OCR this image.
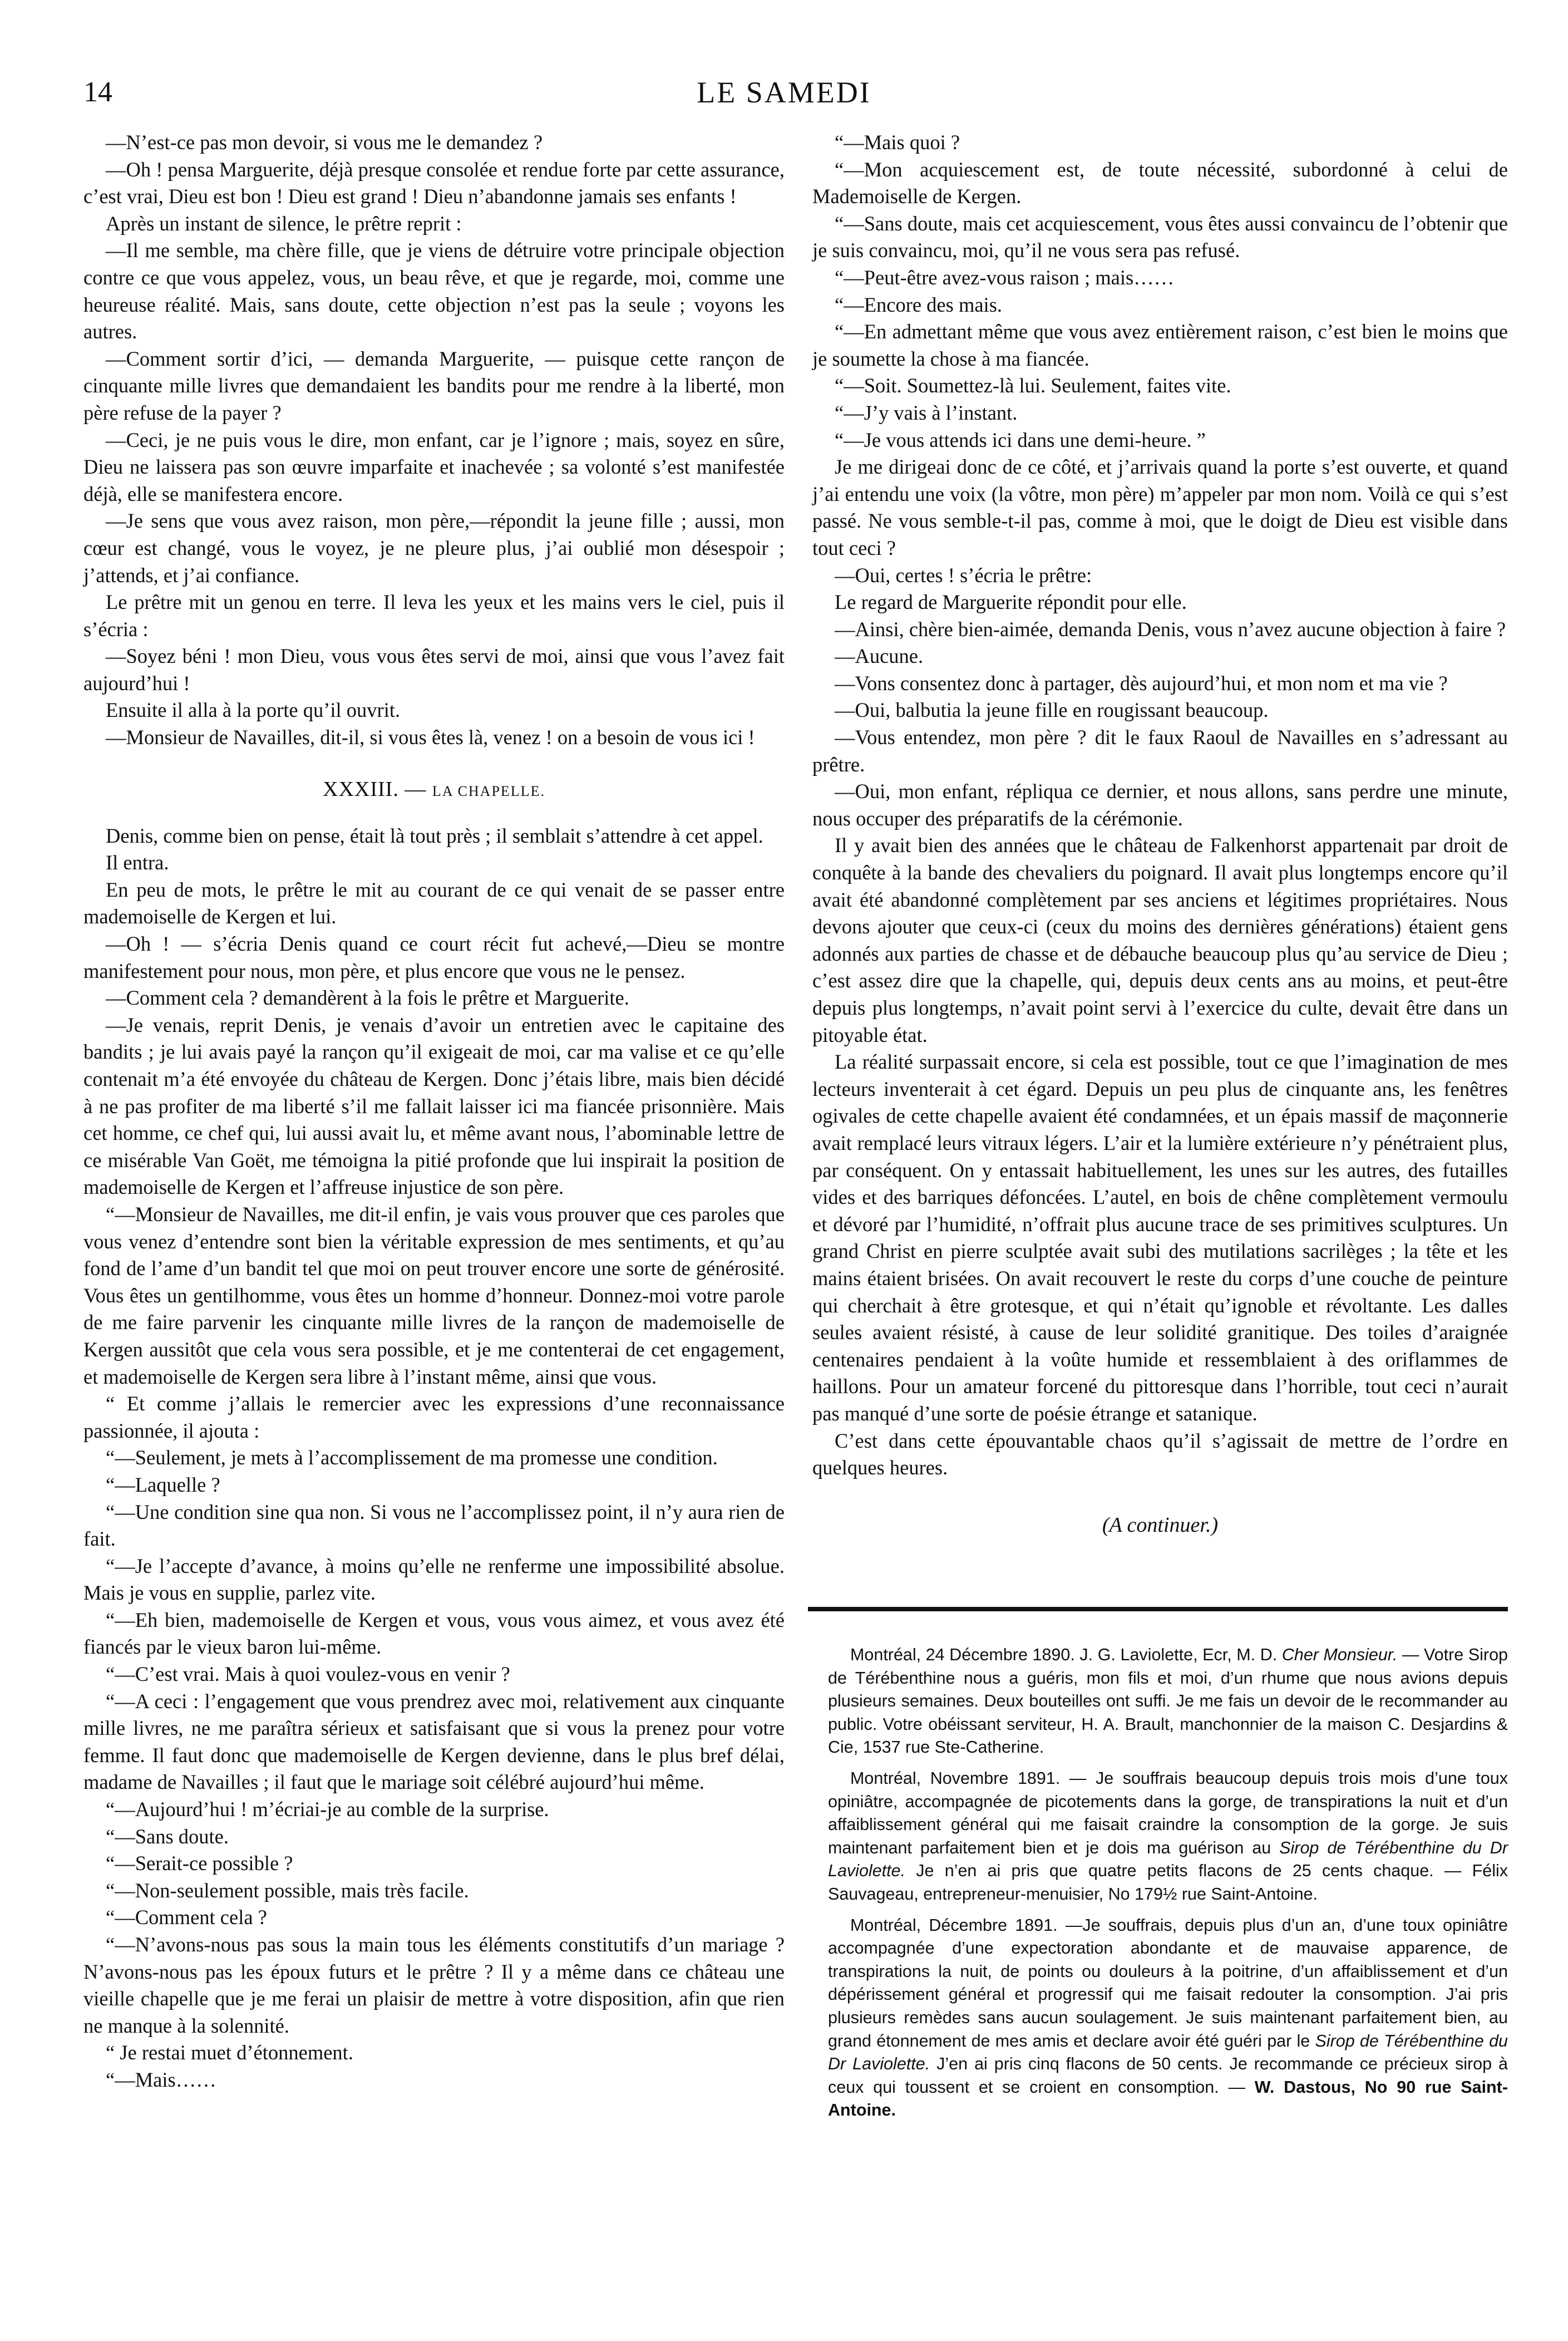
14	LE SAMEDI

—N’est-ce pas mon devoir, si vous me le demandez ?

—Oh ! pensa Marguerite, déjà presque consolée et rendue forte par cette assurance, c’est vrai, Dieu est bon ! Dieu est grand ! Dieu n’abandonne jamais ses enfants !

Après un instant de silence, le prêtre reprit :

—Il me semble, ma chère fille, que je viens de détruire votre principale objection contre ce que vous appelez, vous, un beau rêve, et que je regarde, moi, comme une heureuse réalité. Mais, sans doute, cette objection n’est pas la seule ; voyons les autres.

—Comment sortir d’ici, — demanda Marguerite, — puisque cette rançon de cinquante mille livres que demandaient les bandits pour me rendre à la liberté, mon père refuse de la payer ?

—Ceci, je ne puis vous le dire, mon enfant, car je l’ignore ; mais, soyez en sûre, Dieu ne laissera pas son œuvre imparfaite et inachevée ; sa volonté s’est manifestée déjà, elle se manifestera encore.

—Je sens que vous avez raison, mon père,—répondit la jeune fille ; aussi, mon cœur est changé, vous le voyez, je ne pleure plus, j’ai oublié mon désespoir ; j’attends, et j’ai confiance.

Le prêtre mit un genou en terre. Il leva les yeux et les mains vers le ciel, puis il s’écria :

—Soyez béni ! mon Dieu, vous vous êtes servi de moi, ainsi que vous l’avez fait aujourd’hui !

Ensuite il alla à la porte qu’il ouvrit.

—Monsieur de Navailles, dit-il, si vous êtes là, venez ! on a besoin de vous ici !

XXXIII. — LA CHAPELLE.

Denis, comme bien on pense, était là tout près ; il semblait s’attendre à cet appel.

Il entra.

En peu de mots, le prêtre le mit au courant de ce qui venait de se passer entre mademoiselle de Kergen et lui.

—Oh ! — s’écria Denis quand ce court récit fut achevé,—Dieu se montre manifestement pour nous, mon père, et plus encore que vous ne le pensez.

—Comment cela ? demandèrent à la fois le prêtre et Marguerite.

—Je venais, reprit Denis, je venais d’avoir un entretien avec le capitaine des bandits ; je lui avais payé la rançon qu’il exigeait de moi, car ma valise et ce qu’elle contenait m’a été envoyée du château de Kergen. Donc j’étais libre, mais bien décidé à ne pas profiter de ma liberté s’il me fallait laisser ici ma fiancée prisonnière. Mais cet homme, ce chef qui, lui aussi avait lu, et même avant nous, l’abominable lettre de ce misérable Van Goët, me témoigna la pitié profonde que lui inspirait la position de mademoiselle de Kergen et l’affreuse injustice de son père.

“—Monsieur de Navailles, me dit-il enfin, je vais vous prouver que ces paroles que vous venez d’entendre sont bien la véritable expression de mes sentiments, et qu’au fond de l’ame d’un bandit tel que moi on peut trouver encore une sorte de générosité. Vous êtes un gentilhomme, vous êtes un homme d’honneur. Donnez-moi votre parole de me faire parvenir les cinquante mille livres de la rançon de mademoiselle de Kergen aussitôt que cela vous sera possible, et je me contenterai de cet engagement, et mademoiselle de Kergen sera libre à l’instant même, ainsi que vous.

“ Et comme j’allais le remercier avec les expressions d’une reconnaissance passionnée, il ajouta :

“—Seulement, je mets à l’accomplissement de ma promesse une condition.

“—Laquelle ?

“—Une condition sine qua non. Si vous ne l’accomplissez point, il n’y aura rien de fait.

“—Je l’accepte d’avance, à moins qu’elle ne renferme une impossibilité absolue. Mais je vous en supplie, parlez vite.

“—Eh bien, mademoiselle de Kergen et vous, vous vous aimez, et vous avez été fiancés par le vieux baron lui-même.

“—C’est vrai. Mais à quoi voulez-vous en venir ?

“—A ceci : l’engagement que vous prendrez avec moi, relativement aux cinquante mille livres, ne me paraîtra sérieux et satisfaisant que si vous la prenez pour votre femme. Il faut donc que mademoiselle de Kergen devienne, dans le plus bref délai, madame de Navailles ; il faut que le mariage soit célébré aujourd’hui même.

“—Aujourd’hui ! m’écriai-je au comble de la surprise.

“—Sans doute.

“—Serait-ce possible ?

“—Non-seulement possible, mais très facile.

“—Comment cela ?

“—N’avons-nous pas sous la main tous les éléments constitutifs d’un mariage ? N’avons-nous pas les époux futurs et le prêtre ? Il y a même dans ce château une vieille chapelle que je me ferai un plaisir de mettre à votre disposition, afin que rien ne manque à la solennité.

“ Je restai muet d’étonnement.

“—Mais……

“—Mais quoi ?

“—Mon acquiescement est, de toute nécessité, subordonné à celui de Mademoiselle de Kergen.

“—Sans doute, mais cet acquiescement, vous êtes aussi convaincu de l’obtenir que je suis convaincu, moi, qu’il ne vous sera pas refusé.

“—Peut-être avez-vous raison ; mais……

“—Encore des mais.

“—En admettant même que vous avez entièrement raison, c’est bien le moins que je soumette la chose à ma fiancée.

“—Soit. Soumettez-là lui. Seulement, faites vite.

“—J’y vais à l’instant.

“—Je vous attends ici dans une demi-heure. ”

Je me dirigeai donc de ce côté, et j’arrivais quand la porte s’est ouverte, et quand j’ai entendu une voix (la vôtre, mon père) m’appeler par mon nom. Voilà ce qui s’est passé. Ne vous semble-t-il pas, comme à moi, que le doigt de Dieu est visible dans tout ceci ?

—Oui, certes ! s’écria le prêtre:

Le regard de Marguerite répondit pour elle.

—Ainsi, chère bien-aimée, demanda Denis, vous n’avez aucune objection à faire ?

—Aucune.

—Vons consentez donc à partager, dès aujourd’hui, et mon nom et ma vie ?

—Oui, balbutia la jeune fille en rougissant beaucoup.

—Vous entendez, mon père ? dit le faux Raoul de Navailles en s’adressant au prêtre.

—Oui, mon enfant, répliqua ce dernier, et nous allons, sans perdre une minute, nous occuper des préparatifs de la cérémonie.

Il y avait bien des années que le château de Falkenhorst appartenait par droit de conquête à la bande des chevaliers du poignard. Il avait plus longtemps encore qu’il avait été abandonné complètement par ses anciens et légitimes propriétaires. Nous devons ajouter que ceux-ci (ceux du moins des dernières générations) étaient gens adonnés aux parties de chasse et de débauche beaucoup plus qu’au service de Dieu ; c’est assez dire que la chapelle, qui, depuis deux cents ans au moins, et peut-être depuis plus longtemps, n’avait point servi à l’exercice du culte, devait être dans un pitoyable état.

La réalité surpassait encore, si cela est possible, tout ce que l’imagination de mes lecteurs inventerait à cet égard. Depuis un peu plus de cinquante ans, les fenêtres ogivales de cette chapelle avaient été condamnées, et un épais massif de maçonnerie avait remplacé leurs vitraux légers. L’air et la lumière extérieure n’y pénétraient plus, par conséquent. On y entassait habituellement, les unes sur les autres, des futailles vides et des barriques défoncées. L’autel, en bois de chêne complètement vermoulu et dévoré par l’humidité, n’offrait plus aucune trace de ses primitives sculptures. Un grand Christ en pierre sculptée avait subi des mutilations sacrilèges ; la tête et les mains étaient brisées. On avait recouvert le reste du corps d’une couche de peinture qui cherchait à être grotesque, et qui n’était qu’ignoble et révoltante. Les dalles seules avaient résisté, à cause de leur solidité granitique. Des toiles d’araignée centenaires pendaient à la voûte humide et ressemblaient à des oriflammes de haillons. Pour un amateur forcené du pittoresque dans l’horrible, tout ceci n’aurait pas manqué d’une sorte de poésie étrange et satanique.

C’est dans cette épouvantable chaos qu’il s’agissait de mettre de l’ordre en quelques heures.

(A continuer.)

Montréal, 24 Décembre 1890. J. G. Laviolette, Ecr, M. D. Cher Monsieur. — Votre Sirop de Térébenthine nous a guéris, mon fils et moi, d’un rhume que nous avions depuis plusieurs semaines. Deux bouteilles ont suffi. Je me fais un devoir de le recommander au public. Votre obéissant serviteur, H. A. Brault, manchonnier de la maison C. Desjardins & Cie, 1537 rue Ste-Catherine.

Montréal, Novembre 1891. — Je souffrais beaucoup depuis trois mois d’une toux opiniâtre, accompagnée de picotements dans la gorge, de transpirations la nuit et d’un affaiblissement général qui me faisait craindre la consomption de la gorge. Je suis maintenant parfaitement bien et je dois ma guérison au Sirop de Térébenthine du Dr Laviolette. Je n’en ai pris que quatre petits flacons de 25 cents chaque. — Félix Sauvageau, entrepreneur-menuisier, No 179½ rue Saint-Antoine.

Montréal, Décembre 1891. —Je souffrais, depuis plus d’un an, d’une toux opiniâtre accompagnée d’une expectoration abondante et de mauvaise apparence, de transpirations la nuit, de points ou douleurs à la poitrine, d’un affaiblissement et d’un dépérissement général et progressif qui me faisait redouter la consomption. J’ai pris plusieurs remèdes sans aucun soulagement. Je suis maintenant parfaitement bien, au grand étonnement de mes amis et declare avoir été guéri par le Sirop de Térébenthine du Dr Laviolette. J’en ai pris cinq flacons de 50 cents. Je recommande ce précieux sirop à ceux qui toussent et se croient en consomption. — W. Dastous, No 90 rue Saint-Antoine.
